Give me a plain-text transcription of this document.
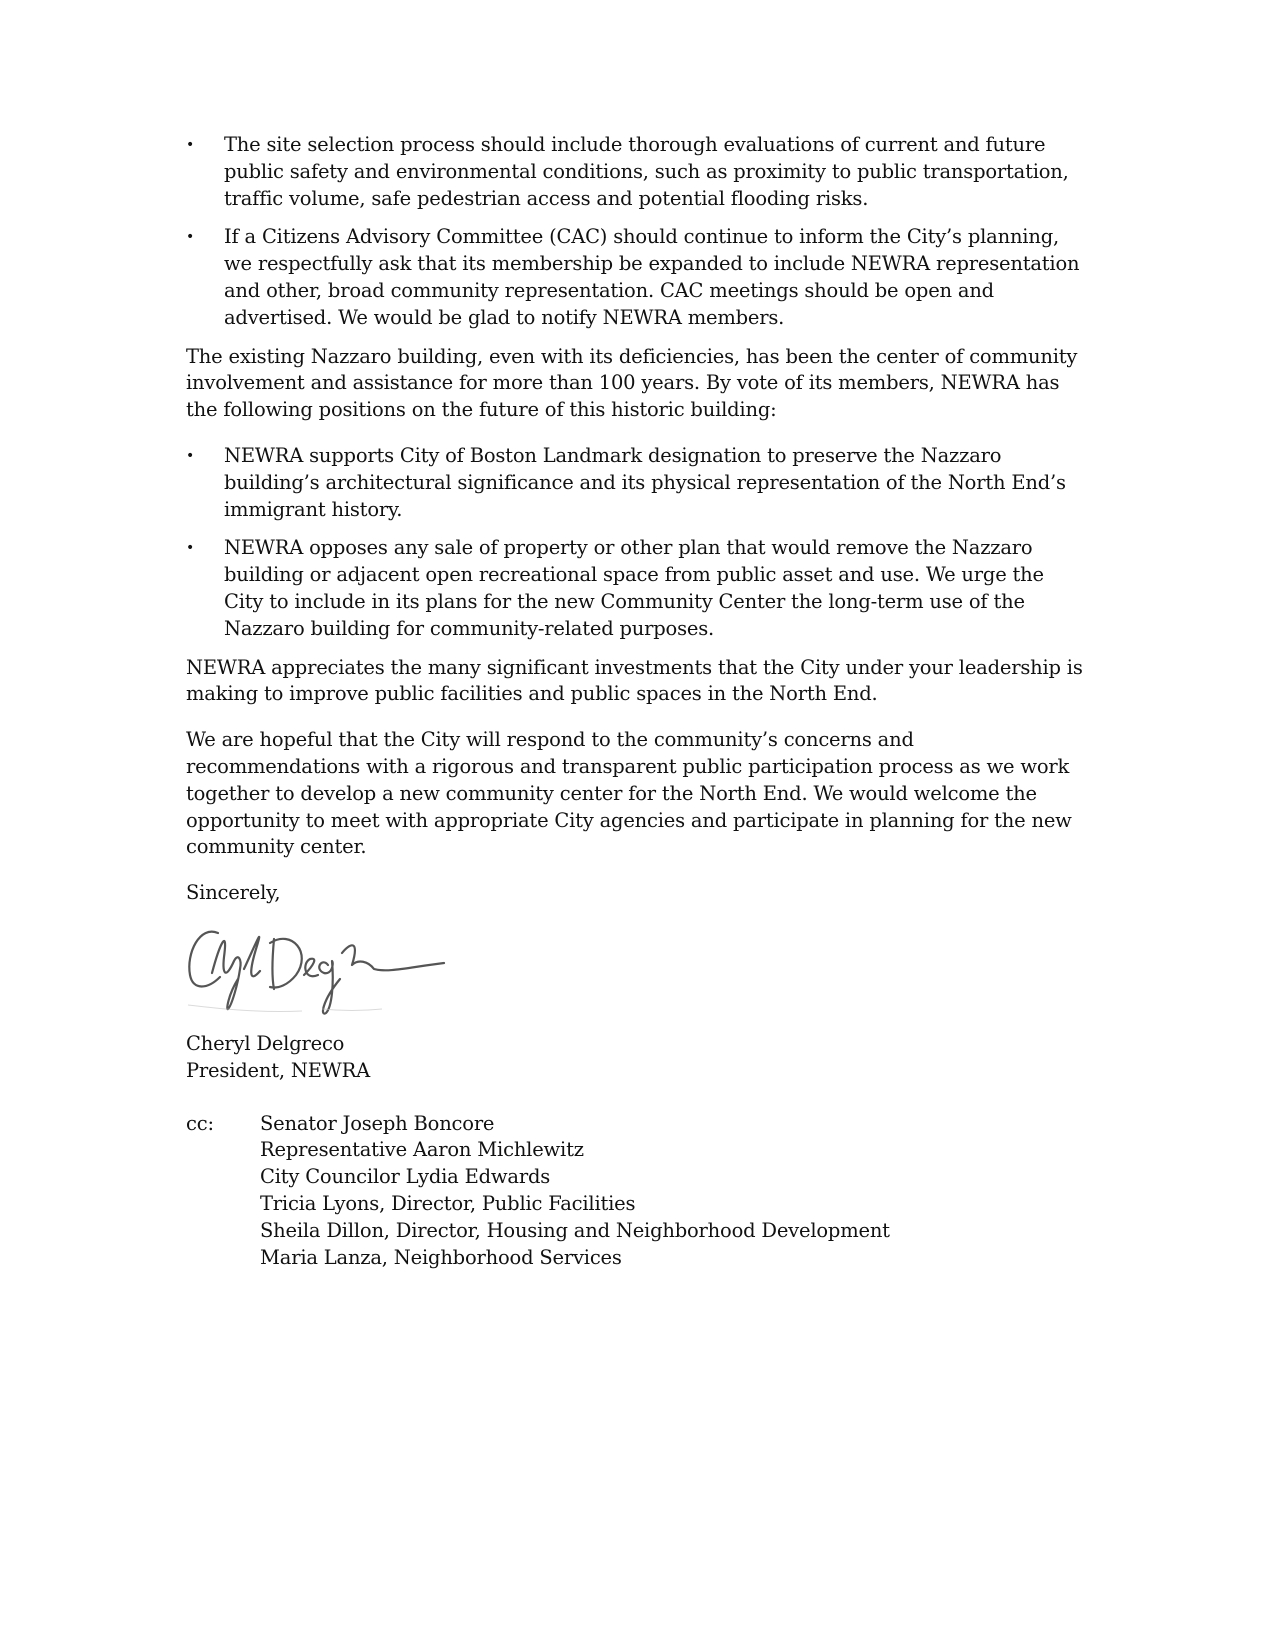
• The site selection process should include thorough evaluations of current and future public safety and environmental conditions, such as proximity to public transportation, traffic volume, safe pedestrian access and potential flooding risks.
• If a Citizens Advisory Committee (CAC) should continue to inform the City’s planning, we respectfully ask that its membership be expanded to include NEWRA representation and other, broad community representation. CAC meetings should be open and advertised. We would be glad to notify NEWRA members.

The existing Nazzaro building, even with its deficiencies, has been the center of community involvement and assistance for more than 100 years. By vote of its members, NEWRA has the following positions on the future of this historic building:

• NEWRA supports City of Boston Landmark designation to preserve the Nazzaro building’s architectural significance and its physical representation of the North End’s immigrant history.
• NEWRA opposes any sale of property or other plan that would remove the Nazzaro building or adjacent open recreational space from public asset and use. We urge the City to include in its plans for the new Community Center the long-term use of the Nazzaro building for community-related purposes.

NEWRA appreciates the many significant investments that the City under your leadership is making to improve public facilities and public spaces in the North End.

We are hopeful that the City will respond to the community’s concerns and recommendations with a rigorous and transparent public participation process as we work together to develop a new community center for the North End. We would welcome the opportunity to meet with appropriate City agencies and participate in planning for the new community center.

Sincerely,

Cheryl Delgreco
President, NEWRA
cc:	Senator Joseph Boncore
Representative Aaron Michlewitz
City Councilor Lydia Edwards
Tricia Lyons, Director, Public Facilities
Sheila Dillon, Director, Housing and Neighborhood Development
Maria Lanza, Neighborhood Services
